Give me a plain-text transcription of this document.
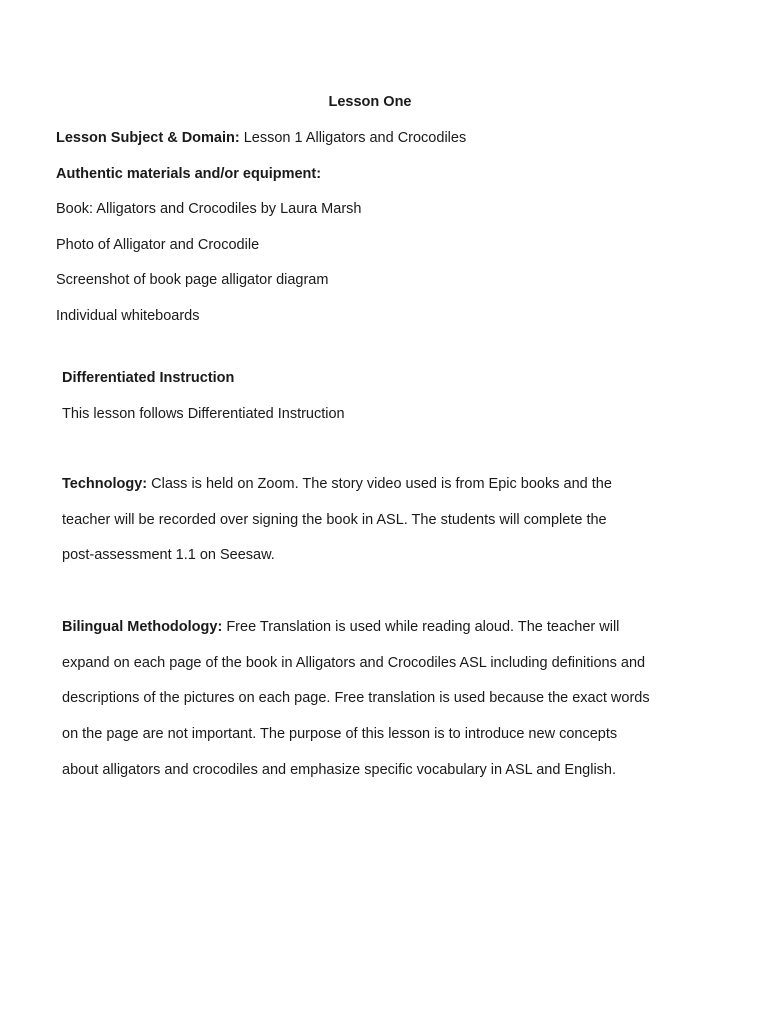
Lesson One
Lesson Subject & Domain: Lesson 1 Alligators and Crocodiles
Authentic materials and/or equipment:
Book: Alligators and Crocodiles by Laura Marsh
Photo of Alligator and Crocodile
Screenshot of book page alligator diagram
Individual whiteboards
Differentiated Instruction
This lesson follows Differentiated Instruction
Technology: Class is held on Zoom. The story video used is from Epic books and the
teacher will be recorded over signing the book in ASL. The students will complete the
post-assessment 1.1 on Seesaw.
Bilingual Methodology: Free Translation is used while reading aloud. The teacher will
expand on each page of the book in Alligators and Crocodiles ASL including definitions and
descriptions of the pictures on each page. Free translation is used because the exact words
on the page are not important. The purpose of this lesson is to introduce new concepts
about alligators and crocodiles and emphasize specific vocabulary in ASL and English.
